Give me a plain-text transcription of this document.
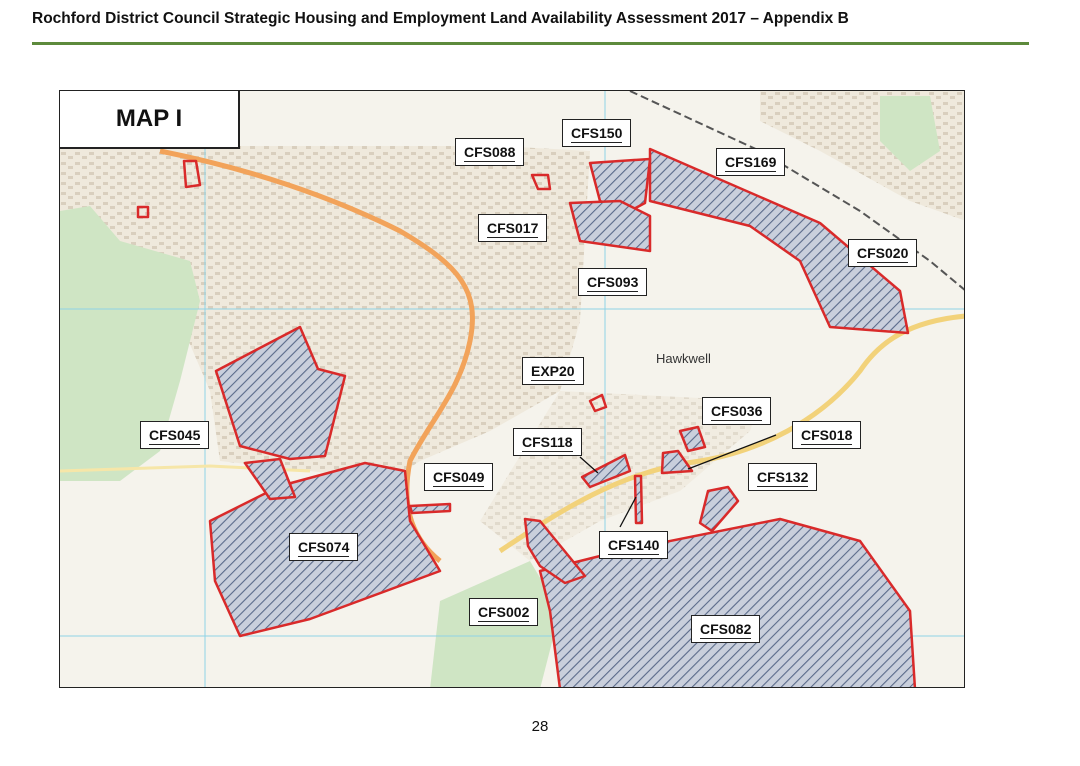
Rochford District Council Strategic Housing and Employment Land Availability Assessment 2017 – Appendix B
MAP I
CFS150
CFS088
CFS169
CFS017
CFS020
CFS093
EXP20
CFS036
CFS045	CFS118	CFS018
CFS049	CFS132
CFS140
CFS074
CFS002
CFS082
Hawkwell
28
